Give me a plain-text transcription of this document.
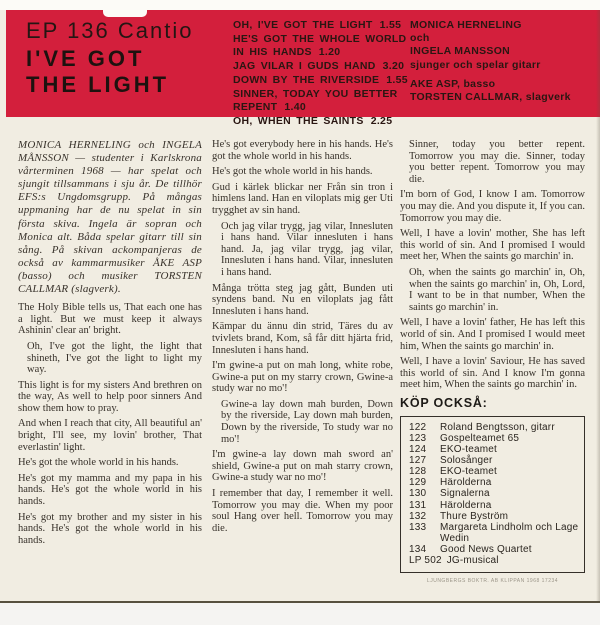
EP 136 Cantio
I'VE GOT
THE LIGHT
OH, I'VE GOT THE LIGHT 1.55
HE'S GOT THE WHOLE WORLD IN HIS HANDS 1.20
JAG VILAR I GUDS HAND 3.20
DOWN BY THE RIVERSIDE 1.55
SINNER, TODAY YOU BETTER REPENT 1.40
OH, WHEN THE SAINTS 2.25
MONICA HERNELING
och
INGELA MANSSON
sjunger och spelar gitarr
AKE ASP, basso
TORSTEN CALLMAR, slagverk

MONICA HERNELING och INGELA MÅNSSON — studenter i Karlskrona vårterminen 1968 — har spelat och sjungit tillsammans i sju år. De tillhör EFS:s Ungdomsgrupp. På mångas uppmaning har de nu spelat in sin första skiva. Ingela är sopran och Monica alt. Båda spelar gitarr till sin sång. På skivan ackompanjeras de också av kammarmusiker ÅKE ASP (basso) och musiker TORSTEN CALLMAR (slagverk).

The Holy Bible tells us, That each one has a light. But we must keep it always Ashinin' clear an' bright.

Oh, I've got the light, the light that shineth, I've got the light to light my way.

This light is for my sisters And brethren on the way, As well to help poor sinners And show them how to pray.

And when I reach that city, All beautiful an' bright, I'll see, my lovin' brother, That everlastin' light.

He's got the whole world in his hands.

He's got my mamma and my papa in his hands. He's got the whole world in his hands.

He's got my brother and my sister in his hands. He's got the whole world in his hands.

He's got everybody here in his hands. He's got the whole world in his hands.

He's got the whole world in his hands.

Gud i kärlek blickar ner Från sin tron i himlens land. Han en viloplats mig ger Uti trygghet av sin hand.

Och jag vilar trygg, jag vilar, Innesluten i hans hand. Vilar innesluten i hans hand. Ja, jag vilar trygg, jag vilar, Innesluten i hans hand. Vilar, innesluten i hans hand.

Många trötta steg jag gått, Bunden uti syndens band. Nu en viloplats jag fått Innesluten i hans hand.

Kämpar du ännu din strid, Täres du av tvivlets brand, Kom, så får ditt hjärta frid, Innesluten i hans hand.

I'm gwine-a put on mah long, white robe, Gwine-a put on my starry crown, Gwine-a study war no mo'!

Gwine-a lay down mah burden, Down by the riverside, Lay down mah burden, Down by the riverside, To study war no mo'!

I'm gwine-a lay down mah sword an' shield, Gwine-a put on mah starry crown, Gwine-a study war no mo'!

I remember that day, I remember it well. Tomorrow you may die. When my poor soul Hang over hell. Tomorrow you may die.

Sinner, today you better repent. Tomorrow you may die. Sinner, today you better repent. Tomorrow you may die.

I'm born of God, I know I am. Tomorrow you may die. And you dispute it, If you can. Tomorrow you may die.

Well, I have a lovin' mother, She has left this world of sin. And I promised I would meet her, When the saints go marchin' in.

Oh, when the saints go marchin' in, Oh, when the saints go marchin' in, Oh, Lord, I want to be in that number, When the saints go marchin' in.

Well, I have a lovin' father, He has left this world of sin. And I promised I would meet him, When the saints go marchin' in.

Well, I have a lovin' Saviour, He has saved this world of sin. And I know I'm gonna meet him, When the saints go marchin' in.

KÖP OCKSÅ:
122	Roland Bengtsson, gitarr
123	Gospelteamet 65
124	EKO-teamet
127	Solosånger
128	EKO-teamet
129	Härolderna
130	Signalerna
131	Härolderna
132	Thure Byström
133	Margareta Lindholm och Lage Wedin
134	Good News Quartet
LP 502 JG-musical
LJUNGBERGS BOKTR. AB KLIPPAN 1968 17234
